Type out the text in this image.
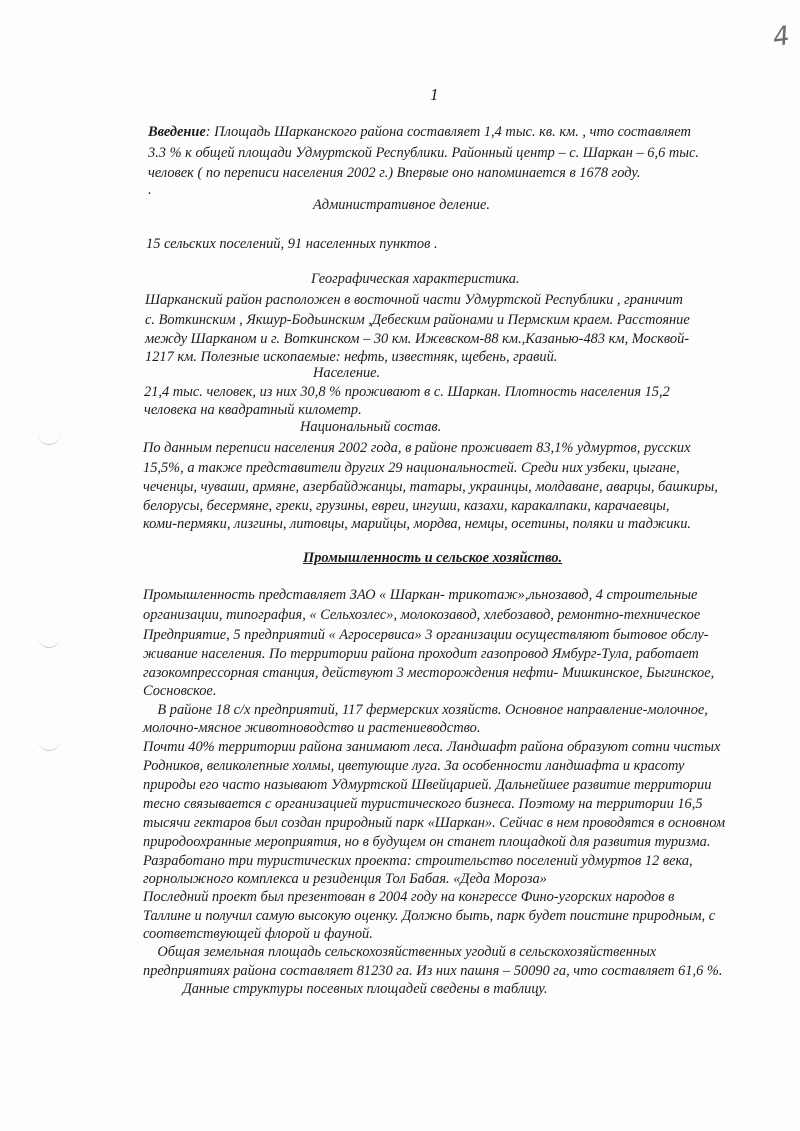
4
1
Введение: Площадь Шарканского района составляет 1,4 тыс. кв. км. , что составляет
3.3 % к общей площади Удмуртской Республики. Районный центр – с. Шаркан – 6,6 тыс.
человек ( по переписи населения 2002 г.) Впервые оно напоминается в 1678 году.
.
Административное деление.
15 сельских поселений, 91 населенных пунктов .
Географическая характеристика.
Шарканский район расположен в восточной части Удмуртской Республики , граничит
с. Воткинским , Якшур-Бодьинским ,Дебеским районами и Пермским краем. Расстояние
между Шарканом и г. Воткинском – 30 км. Ижевском-88 км.,Казанью-483 км, Москвой-
1217 км. Полезные ископаемые: нефть, известняк, щебень, гравий.
Население.
21,4 тыс. человек, из них 30,8 % проживают в с. Шаркан. Плотность населения 15,2
человека на квадратный километр.
Национальный состав.
По данным переписи населения 2002 года, в районе проживает 83,1% удмуртов, русских
15,5%, а также представители других 29 национальностей. Среди них узбеки, цыгане,
чеченцы, чуваши, армяне, азербайджанцы, татары, украинцы, молдаване, аварцы, башкиры,
белорусы, бесермяне, греки, грузины, евреи, ингуши, казахи, каракалпаки, карачаевцы,
коми-пермяки, лизгины, литовцы, марийцы, мордва, немцы, осетины, поляки и таджики.
Промышленность и сельское хозяйство.
Промышленность представляет ЗАО « Шаркан- трикотаж»,льнозавод, 4 строительные
организации, типография, « Сельхозлес», молокозавод, хлебозавод, ремонтно-техническое
Предприятие, 5 предприятий « Агросервиса» 3 организации осуществляют бытовое обслу-
живание населения. По территории района проходит газопровод Ямбург-Тула, работает
газокомпрессорная станция, действуют 3 месторождения нефти- Мишкинское, Быгинское,
Сосновское.
В районе 18 с/х предприятий, 117 фермерских хозяйств. Основное направление-молочное,
молочно-мясное животноводство и растениеводство.
Почти 40% территории района занимают леса. Ландшафт района образуют сотни чистых
Родников, великолепные холмы, цветующие луга. За особенности ландшафта и красоту
природы его часто называют Удмуртской Швейцарией. Дальнейшее развитие территории
тесно связывается с организацией туристического бизнеса. Поэтому на территории 16,5
тысячи гектаров был создан природный парк «Шаркан». Сейчас в нем проводятся в основном
природоохранные мероприятия, но в будущем он станет площадкой для развития туризма.
Разработано три туристических проекта: строительство поселений удмуртов 12 века,
горнолыжного комплекса и резиденция Тол Бабая. «Деда Мороза»
Последний проект был презентован в 2004 году на конгрессе Фино-угорских народов в
Таллине и получил самую высокую оценку. Должно быть, парк будет поистине природным, с
соответствующей флорой и фауной.
Общая земельная площадь сельскохозяйственных угодий в сельскохозяйственных
предприятиях района составляет 81230 га. Из них пашня – 50090 га, что составляет 61,6 %.
Данные структуры посевных площадей сведены в таблицу.
